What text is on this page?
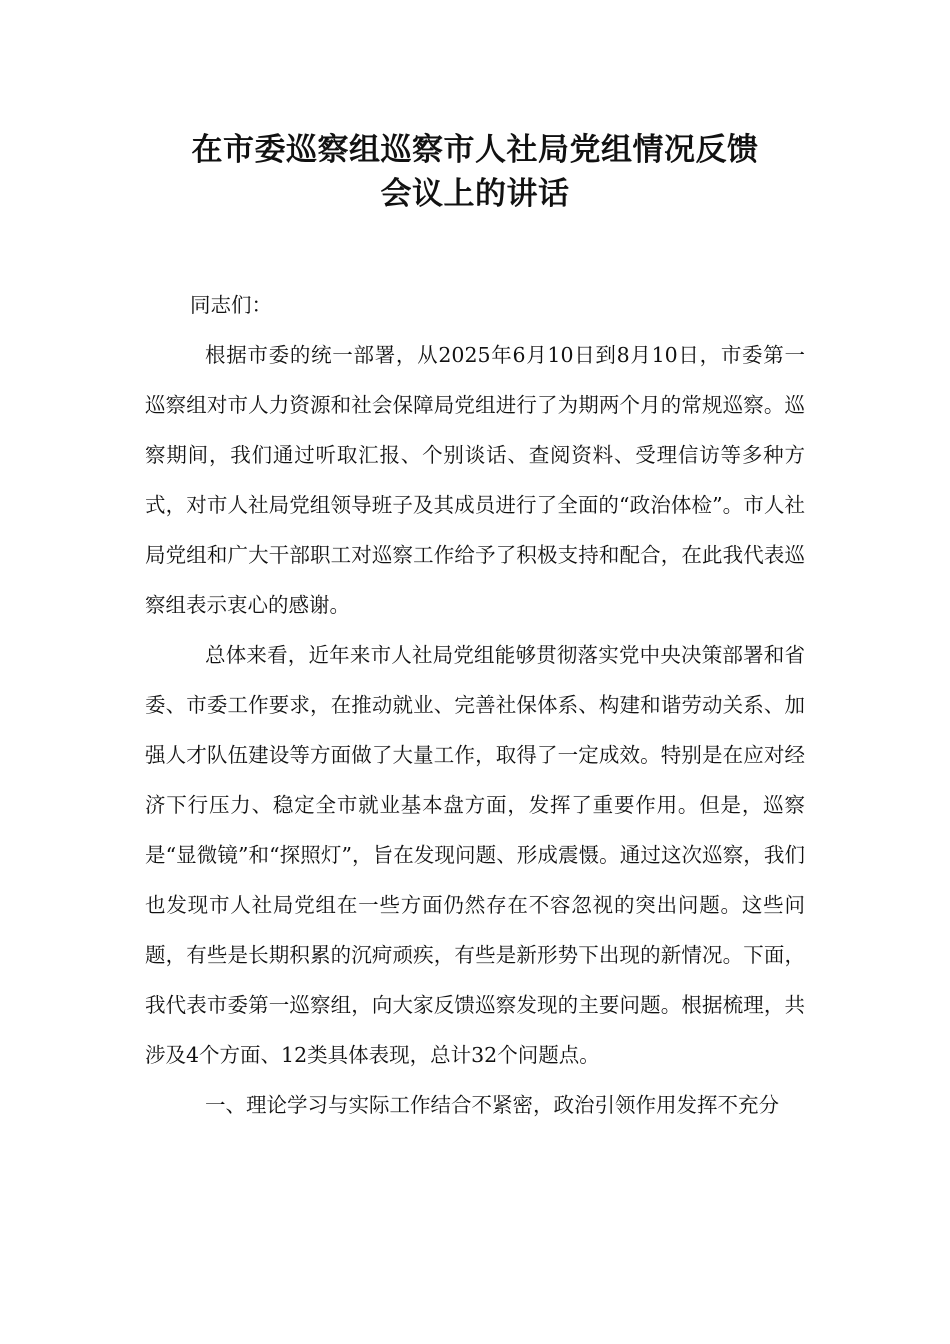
在市委巡察组巡察市人社局党组情况反馈
会议上的讲话

同志们：

根据市委的统一部署，从2025年6月10日到8月10日，市委第一巡察组对市人力资源和社会保障局党组进行了为期两个月的常规巡察。巡察期间，我们通过听取汇报、个别谈话、查阅资料、受理信访等多种方式，对市人社局党组领导班子及其成员进行了全面的“政治体检”。市人社局党组和广大干部职工对巡察工作给予了积极支持和配合，在此我代表巡察组表示衷心的感谢。

总体来看，近年来市人社局党组能够贯彻落实党中央决策部署和省委、市委工作要求，在推动就业、完善社保体系、构建和谐劳动关系、加强人才队伍建设等方面做了大量工作，取得了一定成效。特别是在应对经济下行压力、稳定全市就业基本盘方面，发挥了重要作用。但是，巡察是“显微镜”和“探照灯”，旨在发现问题、形成震慑。通过这次巡察，我们也发现市人社局党组在一些方面仍然存在不容忽视的突出问题。这些问题，有些是长期积累的沉疴顽疾，有些是新形势下出现的新情况。下面，我代表市委第一巡察组，向大家反馈巡察发现的主要问题。根据梳理，共涉及4个方面、12类具体表现，总计32个问题点。

一、理论学习与实际工作结合不紧密，政治引领作用发挥不充分
